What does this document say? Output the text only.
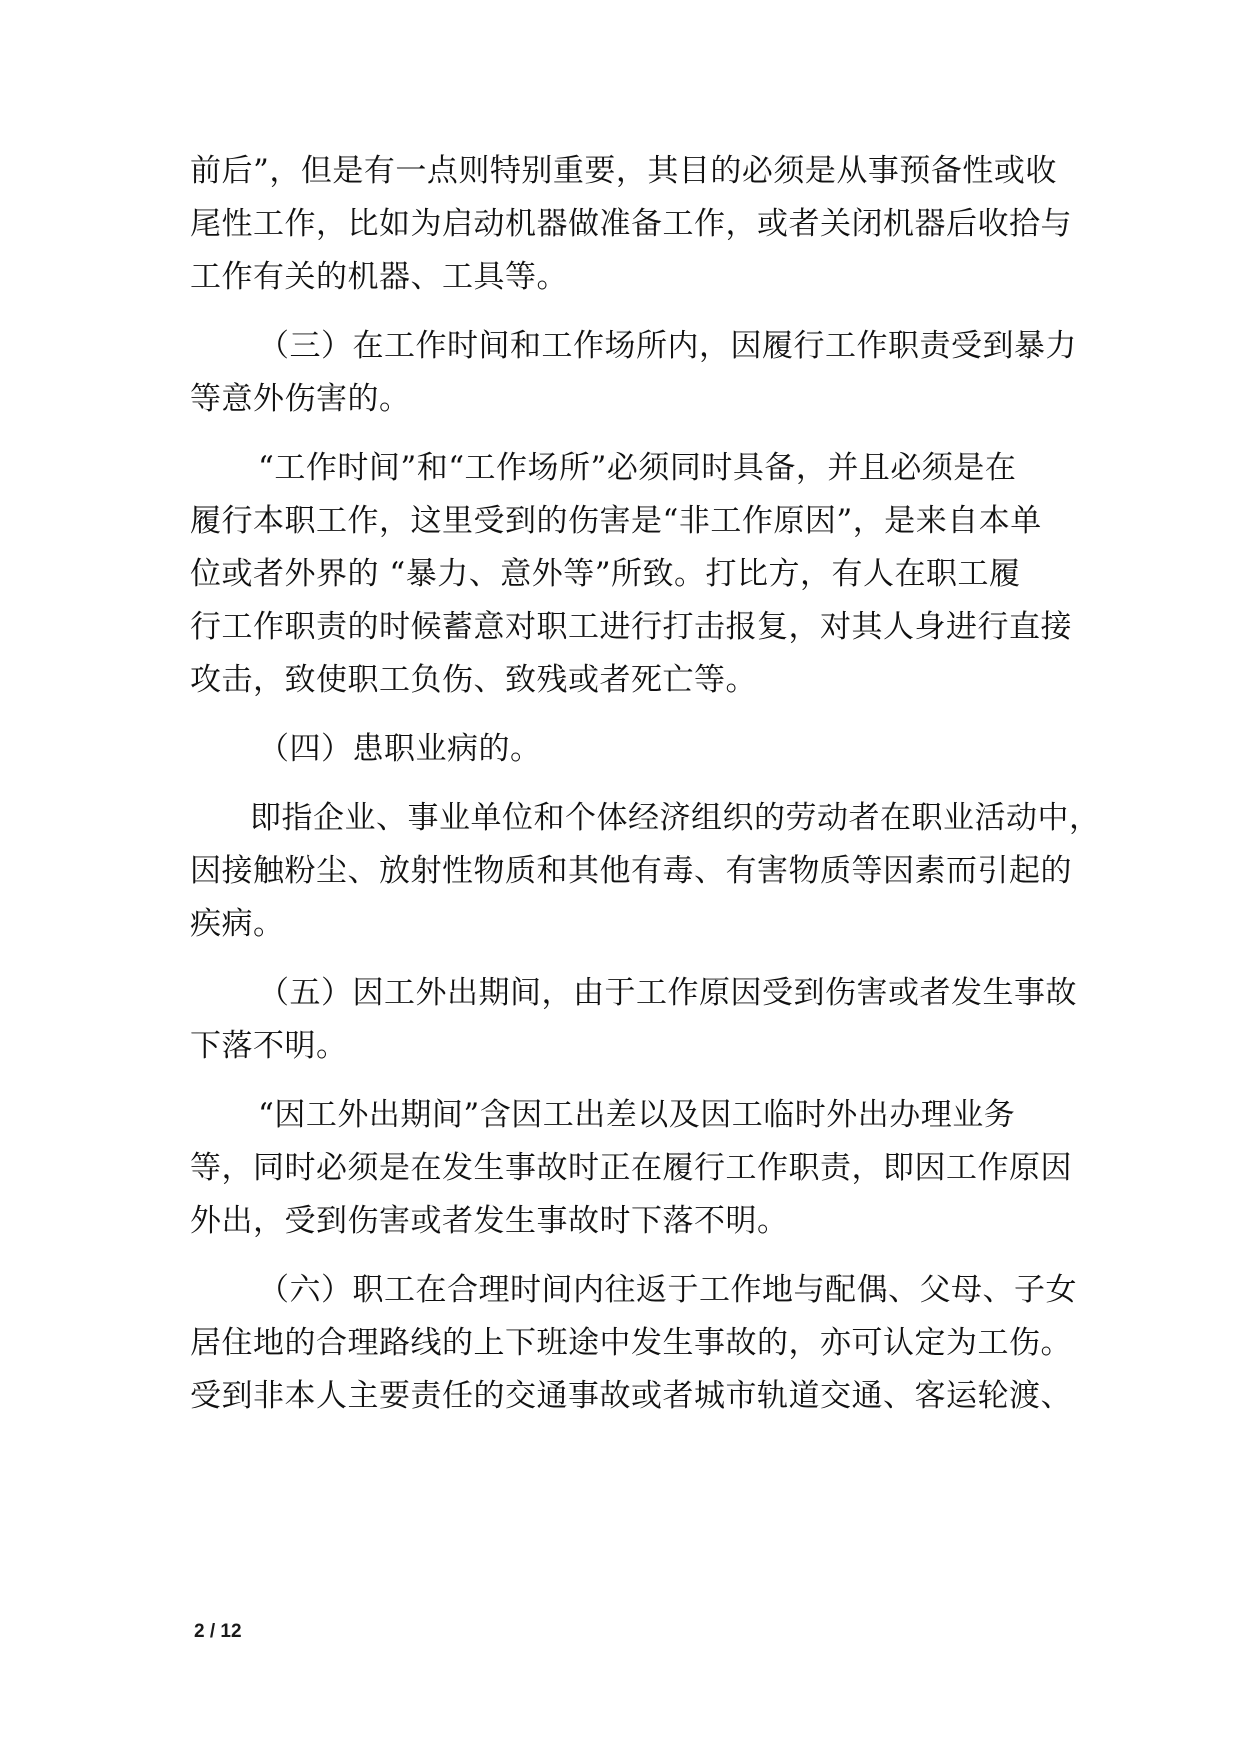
前后”，但是有一点则特别重要，其目的必须是从事预备性或收

尾性工作，比如为启动机器做准备工作，或者关闭机器后收拾与

工作有关的机器、工具等。

（三）在工作时间和工作场所内，因履行工作职责受到暴力

等意外伤害的。

“工作时间”和“工作场所”必须同时具备，并且必须是在

履行本职工作，这里受到的伤害是“非工作原因”，是来自本单

位或者外界的 “暴力、意外等”所致。打比方，有人在职工履

行工作职责的时候蓄意对职工进行打击报复，对其人身进行直接

攻击，致使职工负伤、致残或者死亡等。

（四）患职业病的。

即指企业、事业单位和个体经济组织的劳动者在职业活动中，

因接触粉尘、放射性物质和其他有毒、有害物质等因素而引起的

疾病。

（五）因工外出期间，由于工作原因受到伤害或者发生事故

下落不明。

“因工外出期间”含因工出差以及因工临时外出办理业务

等，同时必须是在发生事故时正在履行工作职责，即因工作原因

外出，受到伤害或者发生事故时下落不明。

（六）职工在合理时间内往返于工作地与配偶、父母、子女

居住地的合理路线的上下班途中发生事故的，亦可认定为工伤。

受到非本人主要责任的交通事故或者城市轨道交通、客运轮渡、

2 / 12
